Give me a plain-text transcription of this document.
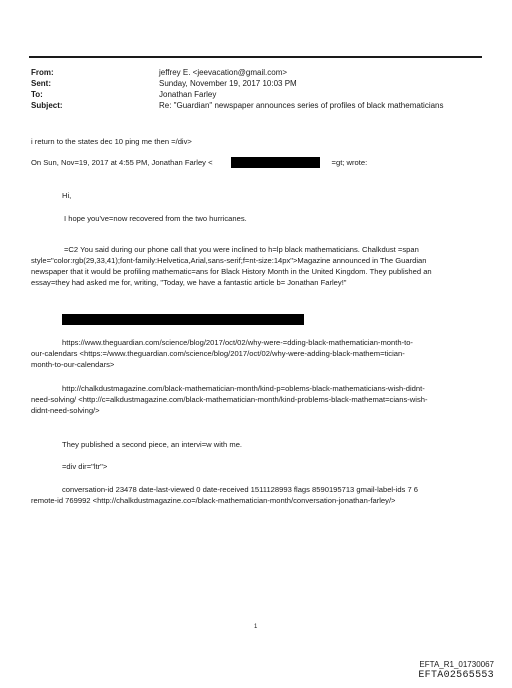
From:	jeffrey E. <jeevacation@gmail.com>
Sent:	Sunday, November 19, 2017 10:03 PM
To:	Jonathan Farley
Subject:	Re: "Guardian" newspaper announces series of profiles of black mathematicians
i return to the states dec 10 ping me then =/div>
On Sun, Nov=19, 2017 at 4:55 PM, Jonathan Farley <	=gt; wrote:
Hi,
I hope you've=now recovered from the two hurricanes.
=C2 You said during our phone call that you were inclined to h=lp black mathematicians. Chalkdust =span
style="color:rgb(29,33,41);font-family:Helvetica,Arial,sans-serif;f=nt-size:14px">Magazine announced in The Guardian
newspaper that it would be profiling mathematic=ans for Black History Month in the United Kingdom. They published an
essay=they had asked me for, writing, "Today, we have a fantastic article b= Jonathan Farley!"
https://www.theguardian.com/science/blog/2017/oct/02/why-were-=dding-black-mathematician-month-to-
our-calendars <https:=/www.theguardian.com/science/blog/2017/oct/02/why-were-adding-black-mathem=tician-
month-to-our-calendars>
http://chalkdustmagazine.com/black-mathematician-month/kind-p=oblems-black-mathematicians-wish-didnt-
need-solving/ <http://c=alkdustmagazine.com/black-mathematician-month/kind-problems-black-mathemat=cians-wish-
didnt-need-solving/>
They published a second piece, an intervi=w with me.
=div dir="ltr">
conversation-id 23478 date-last-viewed 0 date-received 1511128993 flags 8590195713 gmail-label-ids 7 6
remote-id 769992 <http://chalkdustmagazine.co=/black-mathematician-month/conversation-jonathan-farley/>
1
EFTA_R1_01730067
EFTA02565553
